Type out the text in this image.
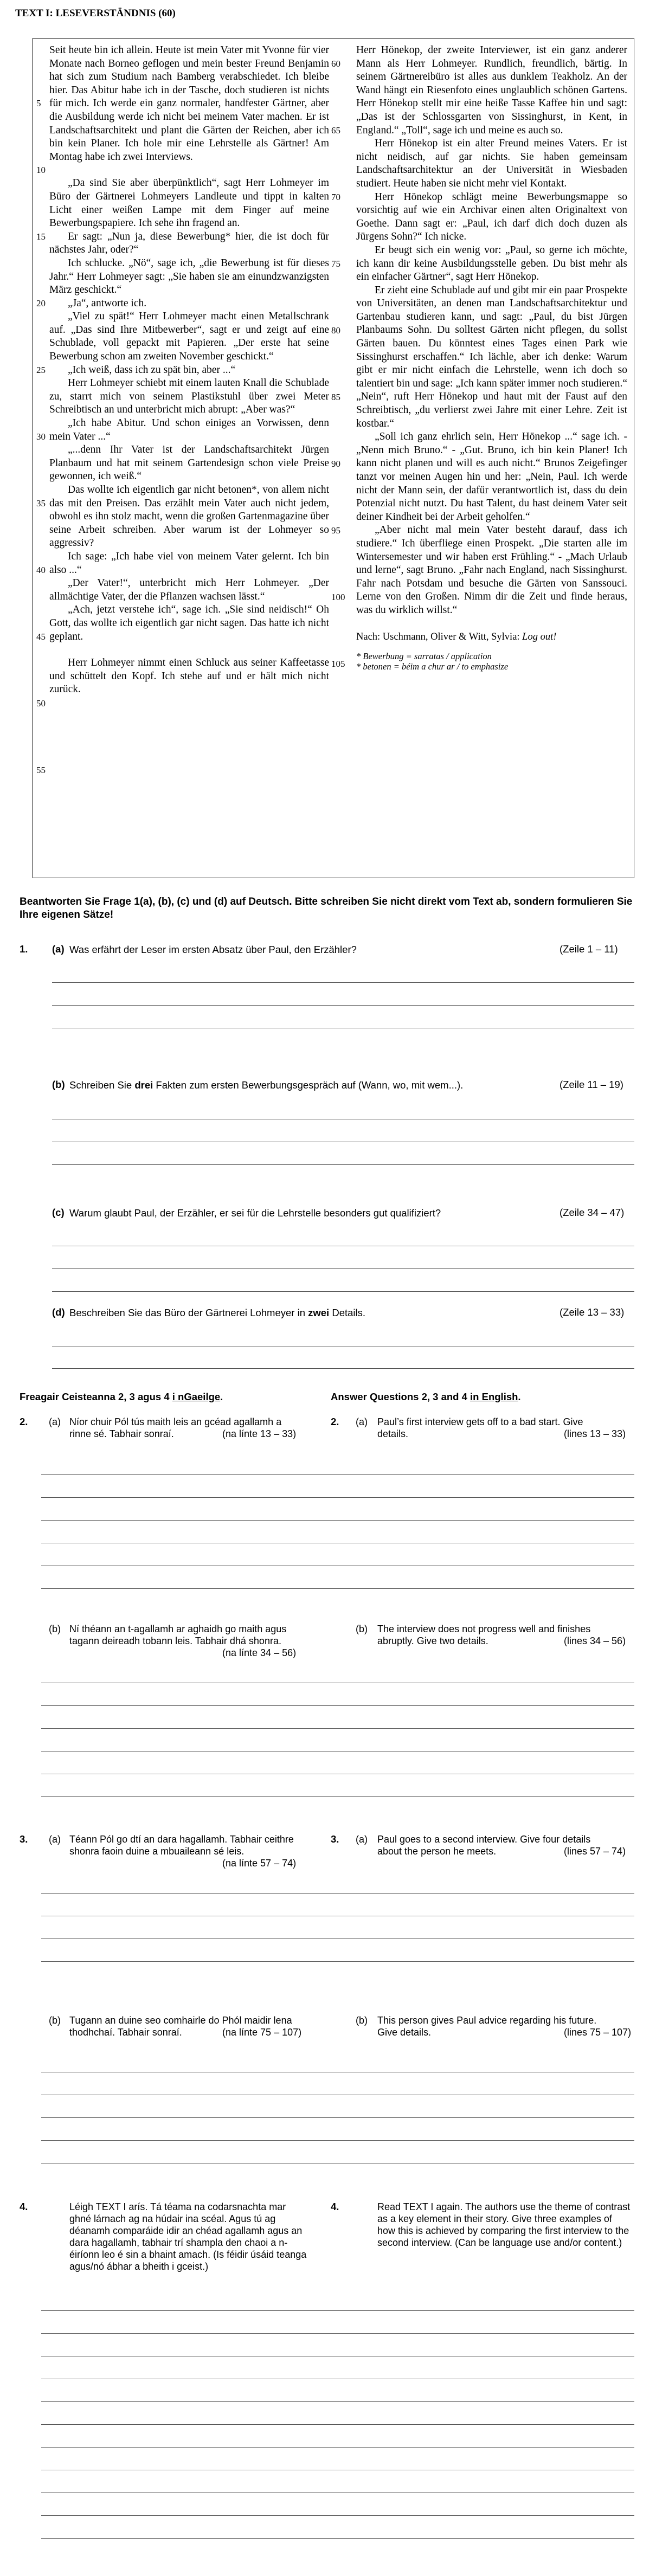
TEXT I: LESEVERSTÄNDNIS (60)

Seit heute bin ich allein. Heute ist mein Vater mit Yvonne für vier Monate nach Borneo geflogen und mein bester Freund Benjamin hat sich zum Studium nach Bamberg verabschiedet. Ich bleibe hier. Das Abitur habe ich in der Tasche, doch studieren ist nichts für mich. Ich werde ein ganz normaler, handfester Gärtner, aber die Ausbildung werde ich nicht bei meinem Vater machen. Er ist Landschaftsarchitekt und plant die Gärten der Reichen, aber ich bin kein Planer. Ich hole mir eine Lehrstelle als Gärtner! Am Montag habe ich zwei Interviews.

„Da sind Sie aber überpünktlich“, sagt Herr Lohmeyer im Büro der Gärtnerei Lohmeyers Landleute und tippt in kalten Licht einer weißen Lampe mit dem Finger auf meine Bewerbungspapiere. Ich sehe ihn fragend an.

Er sagt: „Nun ja, diese Bewerbung* hier, die ist doch für nächstes Jahr, oder?“

Ich schlucke. „Nö“, sage ich, „die Bewerbung ist für dieses Jahr.“ Herr Lohmeyer sagt: „Sie haben sie am einundzwanzigsten März geschickt.“

„Ja“, antworte ich.

„Viel zu spät!“ Herr Lohmeyer macht einen Metallschrank auf. „Das sind Ihre Mitbewerber“, sagt er und zeigt auf eine Schublade, voll gepackt mit Papieren. „Der erste hat seine Bewerbung schon am zweiten November geschickt.“

„Ich weiß, dass ich zu spät bin, aber ...“

Herr Lohmeyer schiebt mit einem lauten Knall die Schublade zu, starrt mich von seinem Plastikstuhl über zwei Meter Schreibtisch an und unterbricht mich abrupt: „Aber was?“

„Ich habe Abitur. Und schon einiges an Vorwissen, denn mein Vater ...“

„...denn Ihr Vater ist der Landschaftsarchitekt Jürgen Planbaum und hat mit seinem Gartendesign schon viele Preise gewonnen, ich weiß.“

Das wollte ich eigentlich gar nicht betonen*, von allem nicht das mit den Preisen. Das erzählt mein Vater auch nicht jedem, obwohl es ihn stolz macht, wenn die großen Gartenmagazine über seine Arbeit schreiben. Aber warum ist der Lohmeyer so aggressiv?

Ich sage: „Ich habe viel von meinem Vater gelernt. Ich bin also ...“

„Der Vater!“, unterbricht mich Herr Lohmeyer. „Der allmächtige Vater, der die Pflanzen wachsen lässt.“

„Ach, jetzt verstehe ich“, sage ich. „Sie sind neidisch!“ Oh Gott, das wollte ich eigentlich gar nicht sagen. Das hatte ich nicht geplant.

Herr Lohmeyer nimmt einen Schluck aus seiner Kaffeetasse und schüttelt den Kopf. Ich stehe auf und er hält mich nicht zurück.

5
10
15
20
25
30
35
40
45
50
55

Herr Hönekop, der zweite Interviewer, ist ein ganz anderer Mann als Herr Lohmeyer. Rundlich, freundlich, bärtig. In seinem Gärtnereibüro ist alles aus dunklem Teakholz. An der Wand hängt ein Riesenfoto eines unglaublich schönen Gartens. Herr Hönekop stellt mir eine heiße Tasse Kaffee hin und sagt: „Das ist der Schlossgarten von Sissinghurst, in Kent, in England.“ „Toll“, sage ich und meine es auch so.

Herr Hönekop ist ein alter Freund meines Vaters. Er ist nicht neidisch, auf gar nichts. Sie haben gemeinsam Landschaftsarchitektur an der Universität in Wiesbaden studiert. Heute haben sie nicht mehr viel Kontakt.

Herr Hönekop schlägt meine Bewerbungsmappe so vorsichtig auf wie ein Archivar einen alten Originaltext von Goethe. Dann sagt er: „Paul, ich darf dich doch duzen als Jürgens Sohn?“ Ich nicke.

Er beugt sich ein wenig vor: „Paul, so gerne ich möchte, ich kann dir keine Ausbildungsstelle geben. Du bist mehr als ein einfacher Gärtner“, sagt Herr Hönekop.

Er zieht eine Schublade auf und gibt mir ein paar Prospekte von Universitäten, an denen man Landschaftsarchitektur und Gartenbau studieren kann, und sagt: „Paul, du bist Jürgen Planbaums Sohn. Du solltest Gärten nicht pflegen, du sollst Gärten bauen. Du könntest eines Tages einen Park wie Sissinghurst erschaffen.“ Ich lächle, aber ich denke: Warum gibt er mir nicht einfach die Lehrstelle, wenn ich doch so talentiert bin und sage: „Ich kann später immer noch studieren.“ „Nein“, ruft Herr Hönekop und haut mit der Faust auf den Schreibtisch, „du verlierst zwei Jahre mit einer Lehre. Zeit ist kostbar.“

„Soll ich ganz ehrlich sein, Herr Hönekop ...“ sage ich. - „Nenn mich Bruno.“ - „Gut. Bruno, ich bin kein Planer! Ich kann nicht planen und will es auch nicht.“ Brunos Zeigefinger tanzt vor meinen Augen hin und her: „Nein, Paul. Ich werde nicht der Mann sein, der dafür verantwortlich ist, dass du dein Potenzial nicht nutzt. Du hast Talent, du hast deinem Vater seit deiner Kindheit bei der Arbeit geholfen.“

„Aber nicht mal mein Vater besteht darauf, dass ich studiere.“ Ich überfliege einen Prospekt. „Die starten alle im Wintersemester und wir haben erst Frühling.“ - „Mach Urlaub und lerne“, sagt Bruno. „Fahr nach England, nach Sissinghurst. Fahr nach Potsdam und besuche die Gärten von Sanssouci. Lerne von den Großen. Nimm dir die Zeit und finde heraus, was du wirklich willst.“

60
65
70
75
80
85
90
95
100
105
Nach: Uschmann, Oliver & Witt, Sylvia: Log out!
* Bewerbung = sarratas / application
* betonen = béim a chur ar / to emphasize
Beantworten Sie Frage 1(a), (b), (c) und (d) auf Deutsch. Bitte schreiben Sie nicht direkt vom Text ab, sondern formulieren Sie Ihre eigenen Sätze!
1. (a) Was erfährt der Leser im ersten Absatz über Paul, den Erzähler?	(Zeile 1 – 11)
(b) Schreiben Sie drei Fakten zum ersten Bewerbungsgespräch auf (Wann, wo, mit wem...).	(Zeile 11 – 19)
(c) Warum glaubt Paul, der Erzähler, er sei für die Lehrstelle besonders gut qualifiziert?	(Zeile 34 – 47)
(d) Beschreiben Sie das Büro der Gärtnerei Lohmeyer in zwei Details.	(Zeile 13 – 33)
Freagair Ceisteanna 2, 3 agus 4 i nGaeilge.	Answer Questions 2, 3 and 4 in English.
2.	2.
(a) Níor chuir Pól tús maith leis an gcéad agallamh a rinne sé. Tabhair sonraí.	(na línte 13 – 33)
(a) Paul’s first interview gets off to a bad start. Give details.	(lines 13 – 33)
(b) Ní théann an t-agallamh ar aghaidh go maith agus tagann deireadh tobann leis. Tabhair dhá shonra.
(na línte 34 – 56)
(b) The interview does not progress well and finishes abruptly. Give two details.	(lines 34 – 56)
3.	3.
(a) Téann Pól go dtí an dara hagallamh. Tabhair ceithre shonra faoin duine a mbuaileann sé leis.
(na línte 57 – 74)
(a) Paul goes to a second interview. Give four details about the person he meets.	(lines 57 – 74)
(b) Tugann an duine seo comhairle do Phól maidir lena thodhchaí. Tabhair sonraí.	(na línte 75 – 107)
(b) This person gives Paul advice regarding his future. Give details.	(lines 75 – 107)
4.	4.
Léigh TEXT I arís. Tá téama na codarsnachta mar ghné lárnach ag na húdair ina scéal. Agus tú ag déanamh comparáide idir an chéad agallamh agus an dara hagallamh, tabhair trí shampla den chaoi a n-éiríonn leo é sin a bhaint amach. (Is féidir úsáid teanga agus/nó ábhar a bheith i gceist.)
Read TEXT I again. The authors use the theme of contrast as a key element in their story. Give three examples of how this is achieved by comparing the first interview to the second interview. (Can be language use and/or content.)
